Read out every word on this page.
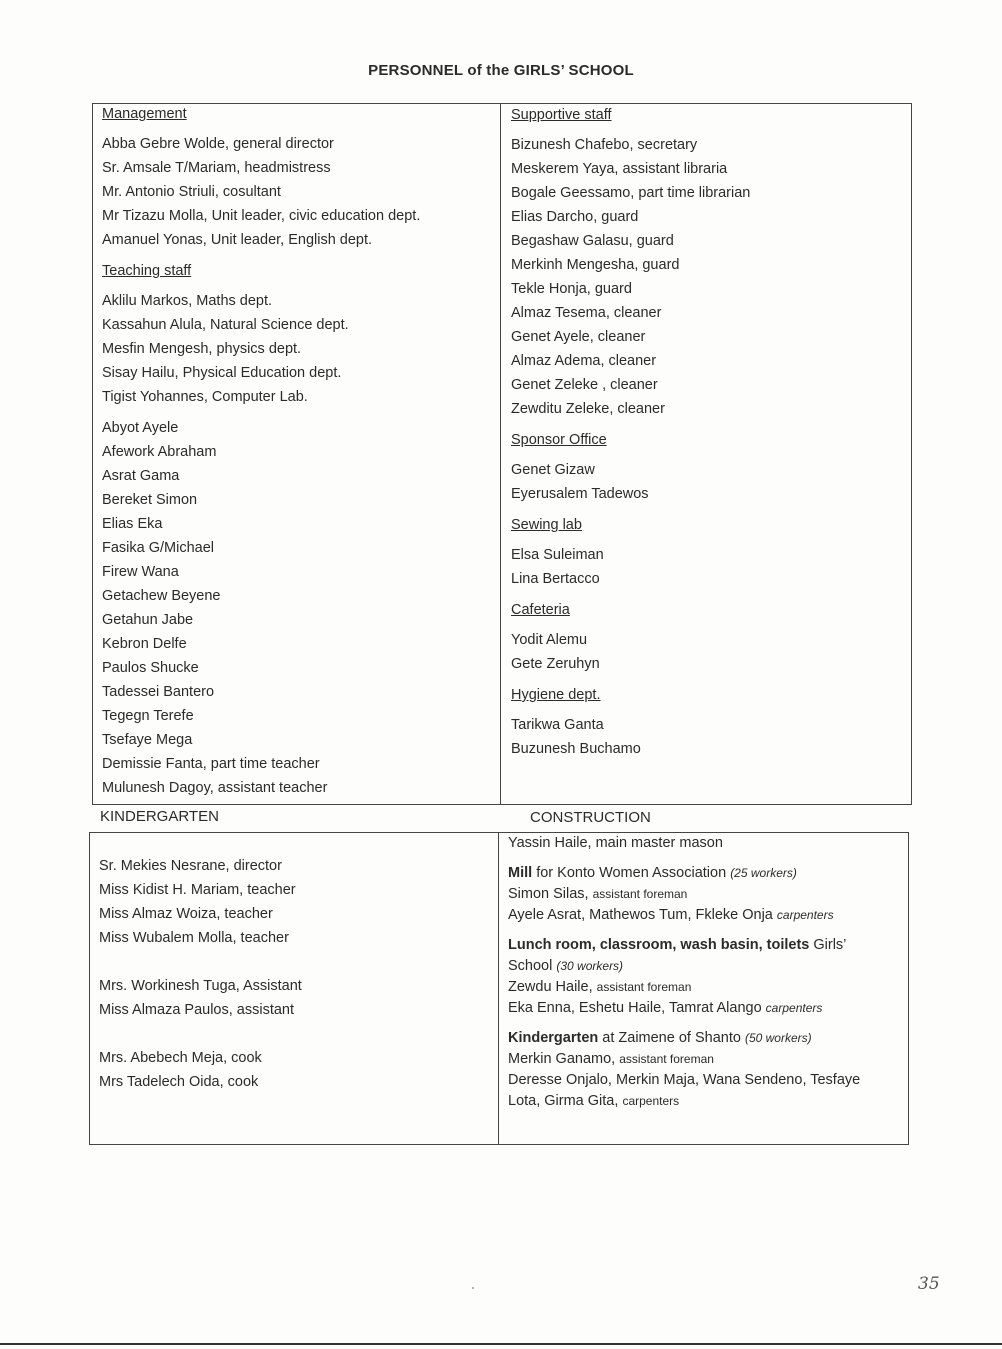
PERSONNEL of the GIRLS’ SCHOOL
Management
Abba Gebre Wolde, general director
Sr. Amsale T/Mariam, headmistress
Mr. Antonio Striuli, cosultant
Mr Tizazu Molla, Unit leader, civic education dept.
Amanuel Yonas, Unit leader, English dept.
Teaching staff
Aklilu Markos, Maths dept.
Kassahun Alula, Natural Science dept.
Mesfin Mengesh, physics dept.
Sisay Hailu, Physical Education dept.
Tigist Yohannes, Computer Lab.
Abyot Ayele
Afework Abraham
Asrat Gama
Bereket Simon
Elias Eka
Fasika G/Michael
Firew Wana
Getachew Beyene
Getahun Jabe
Kebron Delfe
Paulos Shucke
Tadessei Bantero
Tegegn Terefe
Tsefaye Mega
Demissie Fanta, part time teacher
Mulunesh Dagoy, assistant teacher
Supportive staff
Bizunesh Chafebo, secretary
Meskerem Yaya, assistant libraria
Bogale Geessamo, part time librarian
Elias Darcho, guard
Begashaw Galasu, guard
Merkinh Mengesha, guard
Tekle Honja, guard
Almaz Tesema, cleaner
Genet Ayele, cleaner
Almaz Adema, cleaner
Genet Zeleke , cleaner
Zewditu Zeleke, cleaner
Sponsor Office
Genet Gizaw
Eyerusalem Tadewos
Sewing lab
Elsa Suleiman
Lina Bertacco
Cafeteria
Yodit Alemu
Gete Zeruhyn
Hygiene dept.
Tarikwa Ganta
Buzunesh Buchamo
KINDERGARTEN	CONSTRUCTION
Sr. Mekies Nesrane, director
Miss Kidist H. Mariam, teacher
Miss Almaz Woiza, teacher
Miss Wubalem Molla, teacher
Mrs. Workinesh Tuga, Assistant
Miss Almaza Paulos, assistant
Mrs. Abebech Meja, cook
Mrs Tadelech Oida, cook
Yassin Haile, main master mason
Mill for Konto Women Association (25 workers)
Simon Silas, assistant foreman
Ayele Asrat, Mathewos Tum, Fkleke Onja carpenters
Lunch room, classroom, wash basin, toilets Girls’
School (30 workers)
Zewdu Haile, assistant foreman
Eka Enna, Eshetu Haile, Tamrat Alango carpenters
Kindergarten at Zaimene of Shanto (50 workers)
Merkin Ganamo, assistant foreman
Deresse Onjalo, Merkin Maja, Wana Sendeno, Tesfaye
Lota, Girma Gita, carpenters
35
